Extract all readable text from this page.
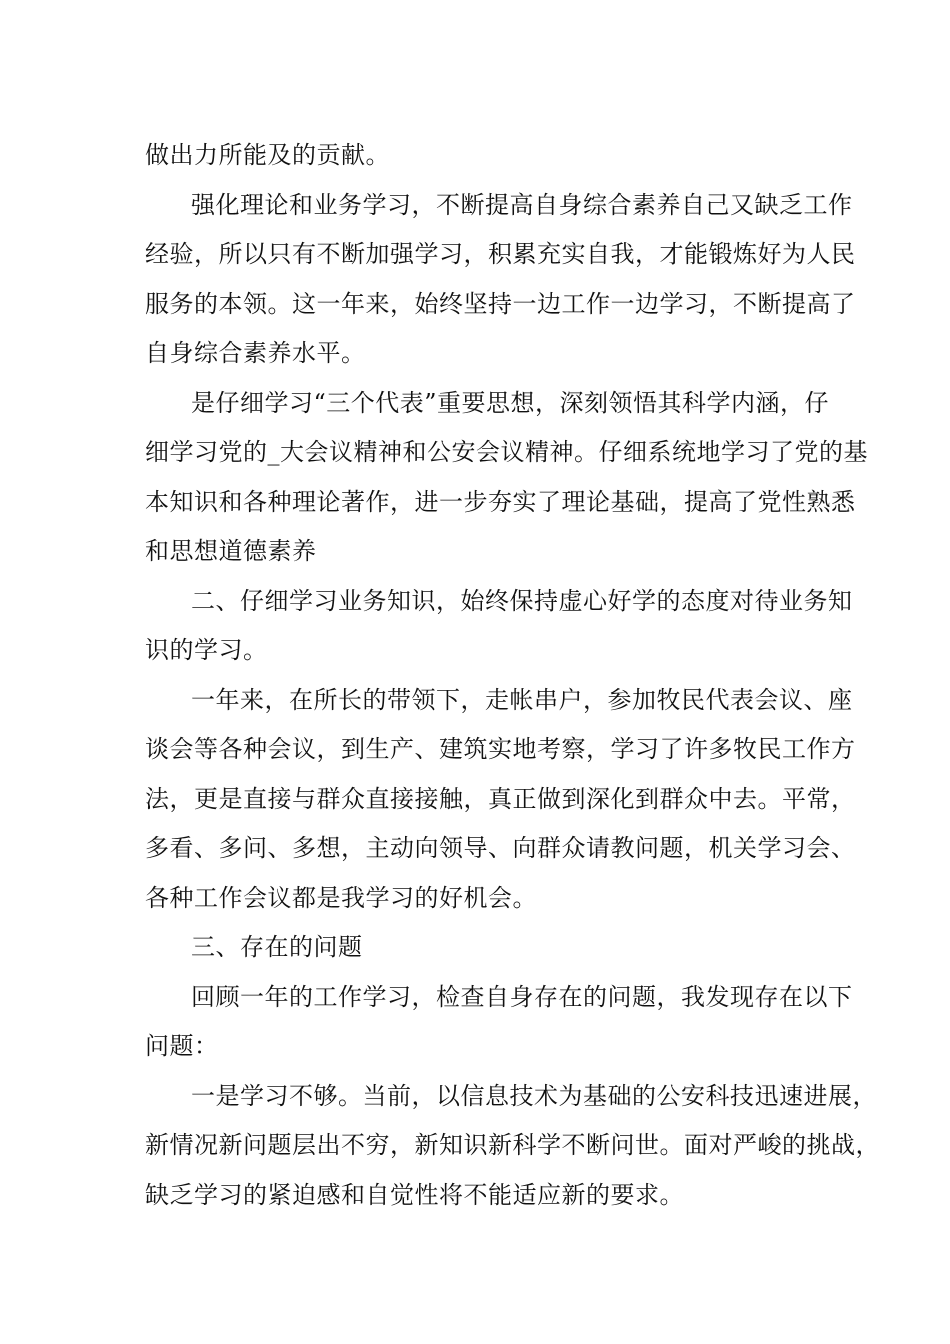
做出力所能及的贡献。
强化理论和业务学习，不断提高自身综合素养自己又缺乏工作
经验，所以只有不断加强学习，积累充实自我，才能锻炼好为人民
服务的本领。这一年来，始终坚持一边工作一边学习，不断提高了
自身综合素养水平。
是仔细学习“三个代表”重要思想，深刻领悟其科学内涵，仔
细学习党的_大会议精神和公安会议精神。仔细系统地学习了党的基
本知识和各种理论著作，进一步夯实了理论基础，提高了党性熟悉
和思想道德素养
二、仔细学习业务知识，始终保持虚心好学的态度对待业务知
识的学习。
一年来，在所长的带领下，走帐串户，参加牧民代表会议、座
谈会等各种会议，到生产、建筑实地考察，学习了许多牧民工作方
法，更是直接与群众直接接触，真正做到深化到群众中去。平常，
多看、多问、多想，主动向领导、向群众请教问题，机关学习会、
各种工作会议都是我学习的好机会。
三、存在的问题
回顾一年的工作学习，检查自身存在的问题，我发现存在以下
问题：
一是学习不够。当前，以信息技术为基础的公安科技迅速进展，
新情况新问题层出不穷，新知识新科学不断问世。面对严峻的挑战，
缺乏学习的紧迫感和自觉性将不能适应新的要求。
